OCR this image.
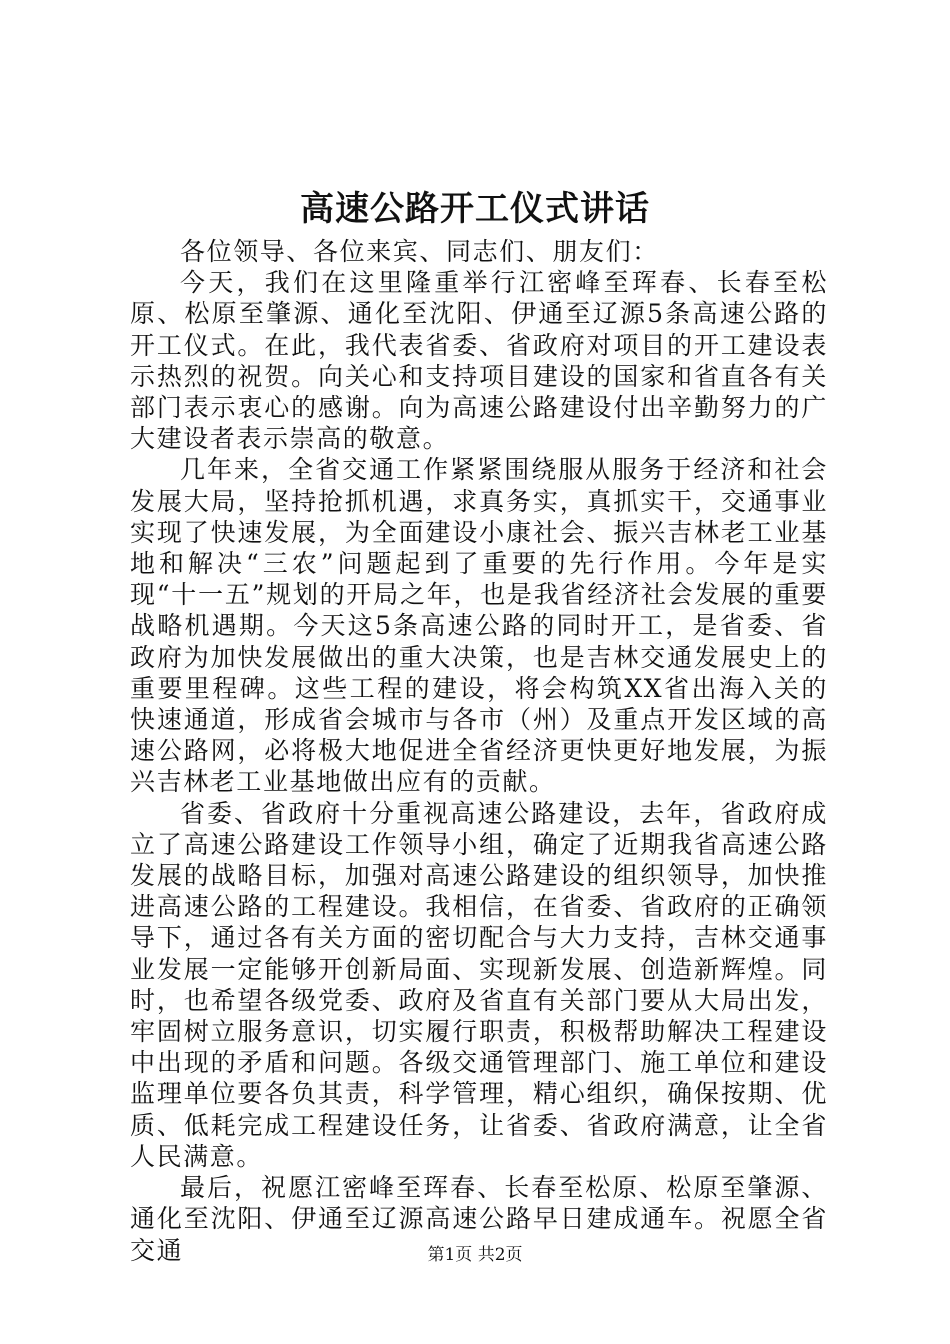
高速公路开工仪式讲话

各位领导、各位来宾、同志们、朋友们：

今天，我们在这里隆重举行江密峰至珲春、长春至松原、松原至肇源、通化至沈阳、伊通至辽源5条高速公路的开工仪式。在此，我代表省委、省政府对项目的开工建设表示热烈的祝贺。向关心和支持项目建设的国家和省直各有关部门表示衷心的感谢。向为高速公路建设付出辛勤努力的广大建设者表示崇高的敬意。

几年来，全省交通工作紧紧围绕服从服务于经济和社会发展大局，坚持抢抓机遇，求真务实，真抓实干，交通事业实现了快速发展，为全面建设小康社会、振兴吉林老工业基地和解决“三农”问题起到了重要的先行作用。今年是实现“十一五”规划的开局之年，也是我省经济社会发展的重要战略机遇期。今天这5条高速公路的同时开工，是省委、省政府为加快发展做出的重大决策，也是吉林交通发展史上的重要里程碑。这些工程的建设，将会构筑XX省出海入关的快速通道，形成省会城市与各市（州）及重点开发区域的高速公路网，必将极大地促进全省经济更快更好地发展，为振兴吉林老工业基地做出应有的贡献。

省委、省政府十分重视高速公路建设，去年，省政府成立了高速公路建设工作领导小组，确定了近期我省高速公路发展的战略目标，加强对高速公路建设的组织领导，加快推进高速公路的工程建设。我相信，在省委、省政府的正确领导下，通过各有关方面的密切配合与大力支持，吉林交通事业发展一定能够开创新局面、实现新发展、创造新辉煌。同时，也希望各级党委、政府及省直有关部门要从大局出发，牢固树立服务意识，切实履行职责，积极帮助解决工程建设中出现的矛盾和问题。各级交通管理部门、施工单位和建设监理单位要各负其责，科学管理，精心组织，确保按期、优质、低耗完成工程建设任务，让省委、省政府满意，让全省人民满意。

最后，祝愿江密峰至珲春、长春至松原、松原至肇源、通化至沈阳、伊通至辽源高速公路早日建成通车。祝愿全省交通	第1页 共2页
